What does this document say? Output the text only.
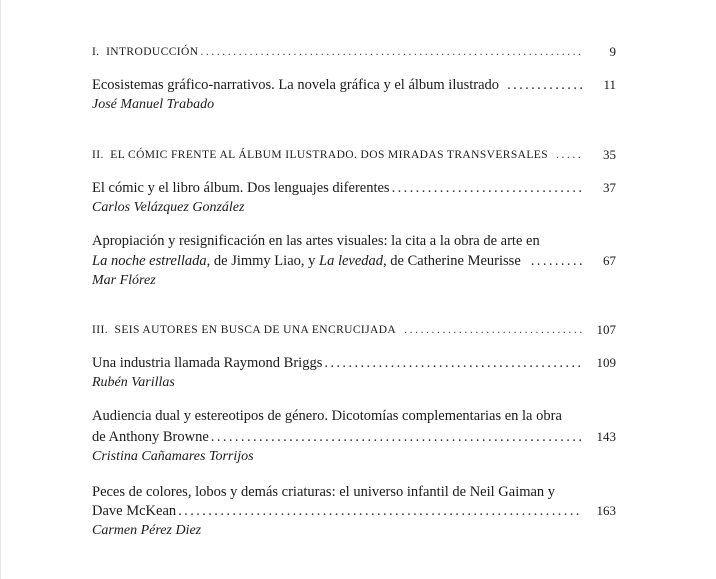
I. INTRODUCCIÓN .....	9
Ecosistemas gráfico-narrativos. La novela gráfica y el álbum ilustrado .....	11
José Manuel Trabado
II. EL CÓMIC FRENTE AL ÁLBUM ILUSTRADO. DOS MIRADAS TRANSVERSALES .....	35
El cómic y el libro álbum. Dos lenguajes diferentes .....	37
Carlos Velázquez González
Apropiación y resignificación en las artes visuales: la cita a la obra de arte en
La noche estrellada, de Jimmy Liao, y La levedad, de Catherine Meurisse .....	67
Mar Flórez
III. SEIS AUTORES EN BUSCA DE UNA ENCRUCIJADA .....	107
Una industria llamada Raymond Briggs .....	109
Rubén Varillas
Audiencia dual y estereotipos de género. Dicotomías complementarias en la obra
de Anthony Browne .....	143
Cristina Cañamares Torrijos
Peces de colores, lobos y demás criaturas: el universo infantil de Neil Gaiman y
Dave McKean .....	163
Carmen Pérez Diez
